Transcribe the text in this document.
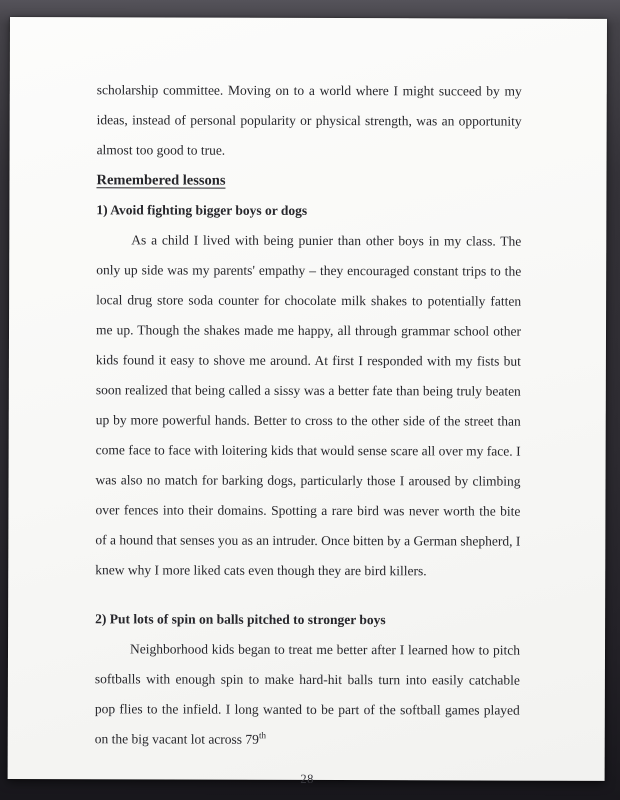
scholarship committee. Moving on to a world where I might succeed by my ideas, instead of personal popularity or physical strength, was an opportunity almost too good to true.

Remembered lessons

1) Avoid fighting bigger boys or dogs

As a child I lived with being punier than other boys in my class. The only up side was my parents' empathy – they encouraged constant trips to the local drug store soda counter for chocolate milk shakes to potentially fatten me up. Though the shakes made me happy, all through grammar school other kids found it easy to shove me around. At first I responded with my fists but soon realized that being called a sissy was a better fate than being truly beaten up by more powerful hands. Better to cross to the other side of the street than come face to face with loitering kids that would sense scare all over my face. I was also no match for barking dogs, particularly those I aroused by climbing over fences into their domains. Spotting a rare bird was never worth the bite of a hound that senses you as an intruder. Once bitten by a German shepherd, I knew why I more liked cats even though they are bird killers.

2) Put lots of spin on balls pitched to stronger boys

Neighborhood kids began to treat me better after I learned how to pitch softballs with enough spin to make hard-hit balls turn into easily catchable pop flies to the infield. I long wanted to be part of the softball games played on the big vacant lot across 79th

28
